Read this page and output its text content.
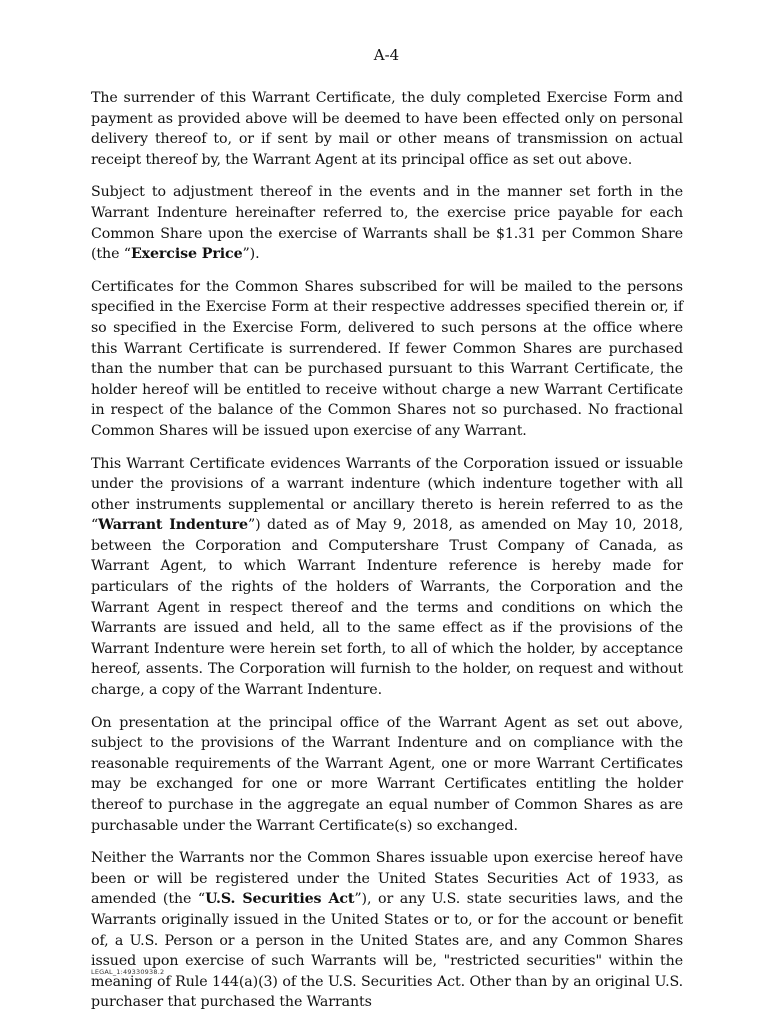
A-4

The surrender of this Warrant Certificate, the duly completed Exercise Form and payment as provided above will be deemed to have been effected only on personal delivery thereof to, or if sent by mail or other means of transmission on actual receipt thereof by, the Warrant Agent at its principal office as set out above.

Subject to adjustment thereof in the events and in the manner set forth in the Warrant Indenture hereinafter referred to, the exercise price payable for each Common Share upon the exercise of Warrants shall be $1.31 per Common Share (the “Exercise Price”).

Certificates for the Common Shares subscribed for will be mailed to the persons specified in the Exercise Form at their respective addresses specified therein or, if so specified in the Exercise Form, delivered to such persons at the office where this Warrant Certificate is surrendered. If fewer Common Shares are purchased than the number that can be purchased pursuant to this Warrant Certificate, the holder hereof will be entitled to receive without charge a new Warrant Certificate in respect of the balance of the Common Shares not so purchased. No fractional Common Shares will be issued upon exercise of any Warrant.

This Warrant Certificate evidences Warrants of the Corporation issued or issuable under the provisions of a warrant indenture (which indenture together with all other instruments supplemental or ancillary thereto is herein referred to as the “Warrant Indenture”) dated as of May 9, 2018, as amended on May 10, 2018, between the Corporation and Computershare Trust Company of Canada, as Warrant Agent, to which Warrant Indenture reference is hereby made for particulars of the rights of the holders of Warrants, the Corporation and the Warrant Agent in respect thereof and the terms and conditions on which the Warrants are issued and held, all to the same effect as if the provisions of the Warrant Indenture were herein set forth, to all of which the holder, by acceptance hereof, assents. The Corporation will furnish to the holder, on request and without charge, a copy of the Warrant Indenture.

On presentation at the principal office of the Warrant Agent as set out above, subject to the provisions of the Warrant Indenture and on compliance with the reasonable requirements of the Warrant Agent, one or more Warrant Certificates may be exchanged for one or more Warrant Certificates entitling the holder thereof to purchase in the aggregate an equal number of Common Shares as are purchasable under the Warrant Certificate(s) so exchanged.

Neither the Warrants nor the Common Shares issuable upon exercise hereof have been or will be registered under the United States Securities Act of 1933, as amended (the “U.S. Securities Act”), or any U.S. state securities laws, and the Warrants originally issued in the United States or to, or for the account or benefit of, a U.S. Person or a person in the United States are, and any Common Shares issued upon exercise of such Warrants will be, "restricted securities" within the meaning of Rule 144(a)(3) of the U.S. Securities Act. Other than by an original U.S. purchaser that purchased the Warrants

LEGAL_1:49330938.2
